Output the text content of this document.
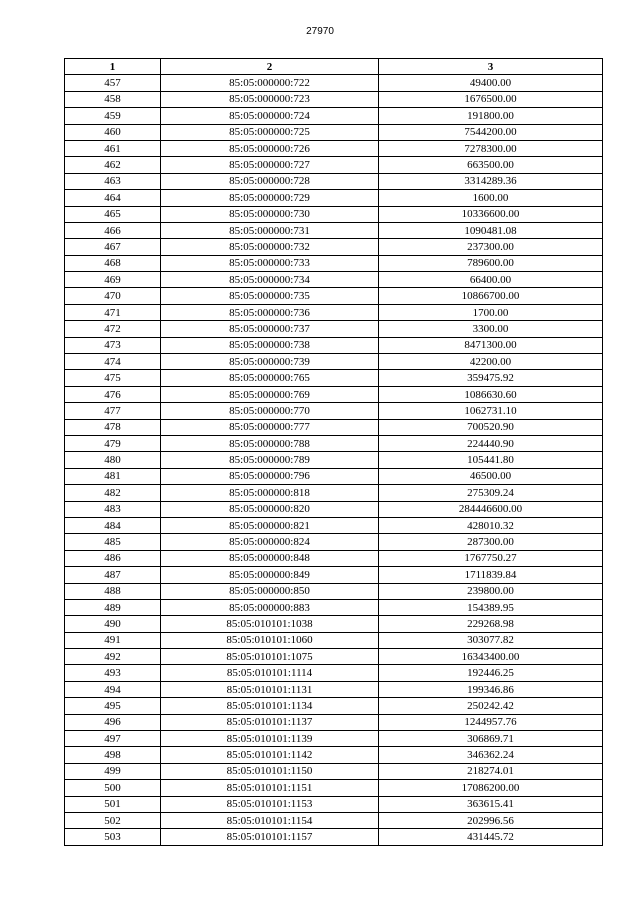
27970
1	2	3
457	85:05:000000:722	49400.00
458	85:05:000000:723	1676500.00
459	85:05:000000:724	191800.00
460	85:05:000000:725	7544200.00
461	85:05:000000:726	7278300.00
462	85:05:000000:727	663500.00
463	85:05:000000:728	3314289.36
464	85:05:000000:729	1600.00
465	85:05:000000:730	10336600.00
466	85:05:000000:731	1090481.08
467	85:05:000000:732	237300.00
468	85:05:000000:733	789600.00
469	85:05:000000:734	66400.00
470	85:05:000000:735	10866700.00
471	85:05:000000:736	1700.00
472	85:05:000000:737	3300.00
473	85:05:000000:738	8471300.00
474	85:05:000000:739	42200.00
475	85:05:000000:765	359475.92
476	85:05:000000:769	1086630.60
477	85:05:000000:770	1062731.10
478	85:05:000000:777	700520.90
479	85:05:000000:788	224440.90
480	85:05:000000:789	105441.80
481	85:05:000000:796	46500.00
482	85:05:000000:818	275309.24
483	85:05:000000:820	284446600.00
484	85:05:000000:821	428010.32
485	85:05:000000:824	287300.00
486	85:05:000000:848	1767750.27
487	85:05:000000:849	1711839.84
488	85:05:000000:850	239800.00
489	85:05:000000:883	154389.95
490	85:05:010101:1038	229268.98
491	85:05:010101:1060	303077.82
492	85:05:010101:1075	16343400.00
493	85:05:010101:1114	192446.25
494	85:05:010101:1131	199346.86
495	85:05:010101:1134	250242.42
496	85:05:010101:1137	1244957.76
497	85:05:010101:1139	306869.71
498	85:05:010101:1142	346362.24
499	85:05:010101:1150	218274.01
500	85:05:010101:1151	17086200.00
501	85:05:010101:1153	363615.41
502	85:05:010101:1154	202996.56
503	85:05:010101:1157	431445.72
